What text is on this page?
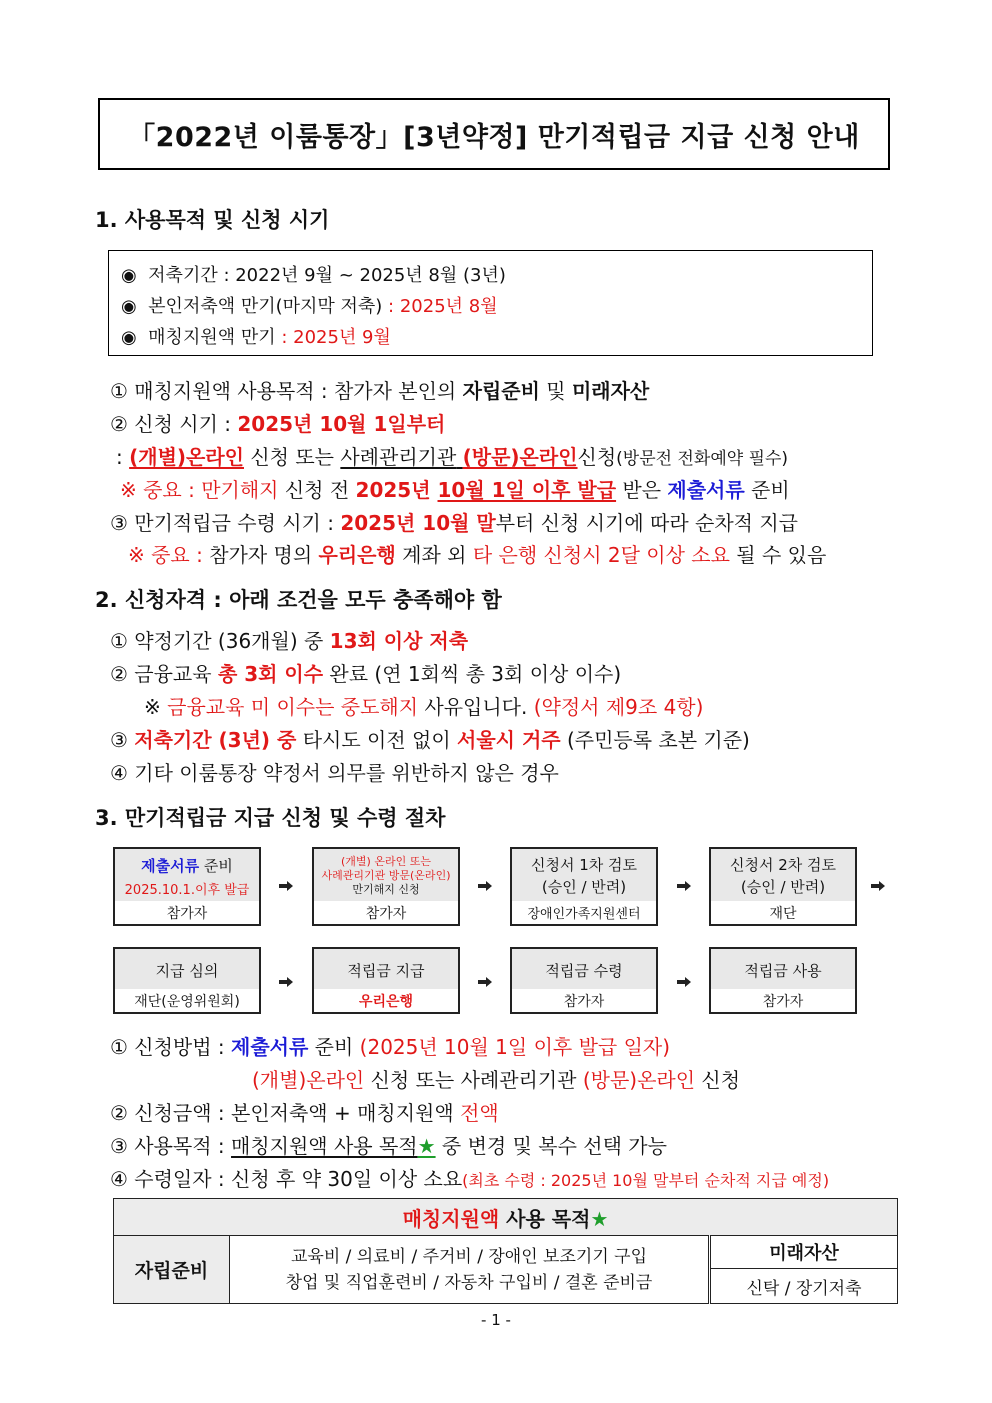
「2022년 이룸통장」[3년약정] 만기적립금 지급 신청 안내
1. 사용목적 및 신청 시기
◉ 저축기간 : 2022년 9월 ~ 2025년 8월 (3년)
◉ 본인저축액 만기(마지막 저축) : 2025년 8월
◉ 매칭지원액 만기 : 2025년 9월
① 매칭지원액 사용목적 : 참가자 본인의 자립준비 및 미래자산
② 신청 시기 : 2025년 10월 1일부터
: (개별)온라인 신청 또는 사례관리기관 (방문)온라인신청(방문전 전화예약 필수)
※ 중요 : 만기해지 신청 전 2025년 10월 1일 이후 발급 받은 제출서류 준비
③ 만기적립금 수령 시기 : 2025년 10월 말부터 신청 시기에 따라 순차적 지급
※ 중요 : 참가자 명의 우리은행 계좌 외 타 은행 신청시 2달 이상 소요 될 수 있음
2. 신청자격 : 아래 조건을 모두 충족해야 함
① 약정기간 (36개월) 중 13회 이상 저축
② 금융교육 총 3회 이수 완료 (연 1회씩 총 3회 이상 이수)
※ 금융교육 미 이수는 중도해지 사유입니다. (약정서 제9조 4항)
③ 저축기간 (3년) 중 타시도 이전 없이 서울시 거주 (주민등록 초본 기준)
④ 기타 이룸통장 약정서 의무를 위반하지 않은 경우
3. 만기적립금 지급 신청 및 수령 절차
제출서류 준비
2025.10.1.이후 발급
참가자
(개별) 온라인 또는
사례관리기관 방문(온라인)
만기해지 신청
참가자
신청서 1차 검토
(승인 / 반려)
장애인가족지원센터
신청서 2차 검토
(승인 / 반려)
재단
지급 심의
재단(운영위원회)
적립금 지급
우리은행
적립금 수령
참가자
적립금 사용
참가자
① 신청방법 : 제출서류 준비 (2025년 10월 1일 이후 발급 일자)
(개별)온라인 신청 또는 사례관리기관 (방문)온라인 신청
② 신청금액 : 본인저축액 + 매칭지원액 전액
③ 사용목적 : 매칭지원액 사용 목적★ 중 변경 및 복수 선택 가능
④ 수령일자 : 신청 후 약 30일 이상 소요(최초 수령 : 2025년 10월 말부터 순차적 지급 예정)
매칭지원액 사용 목적★
자립준비	
교육비 / 의료비 / 주거비 / 장애인 보조기기 구입
창업 및 직업훈련비 / 자동차 구입비 / 결혼 준비금
	미래자산
신탁 / 장기저축
- 1 -
